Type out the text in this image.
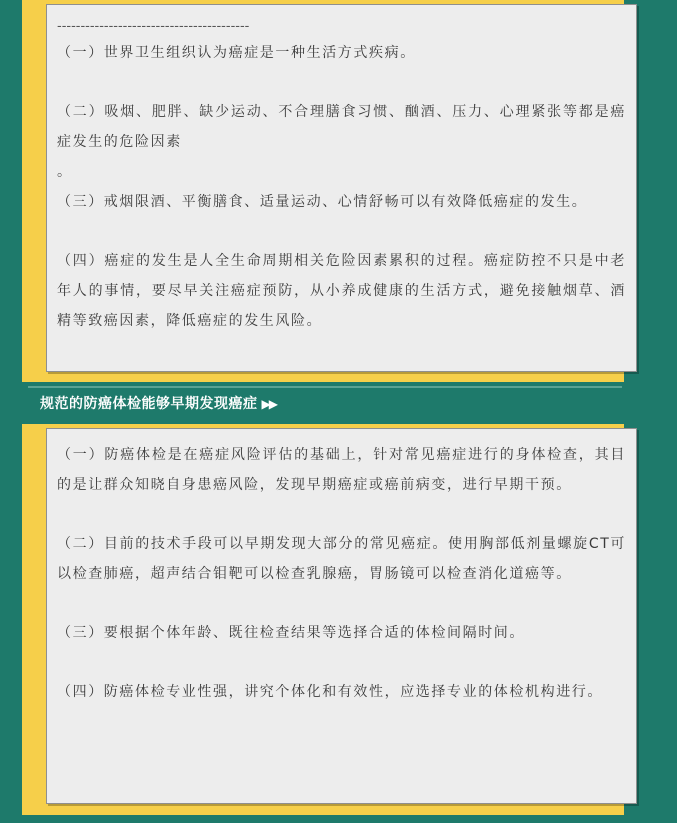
-----------------------------------------

（一）世界卫生组织认为癌症是一种生活方式疾病。

（二）吸烟、肥胖、缺少运动、不合理膳食习惯、酗酒、压力、心理紧张等都是癌症发生的危险因素

。

（三）戒烟限酒、平衡膳食、适量运动、心情舒畅可以有效降低癌症的发生。

（四）癌症的发生是人全生命周期相关危险因素累积的过程。癌症防控不只是中老年人的事情，要尽早关注癌症预防，从小养成健康的生活方式，避免接触烟草、酒精等致癌因素，降低癌症的发生风险。

规范的防癌体检能够早期发现癌症 ▶▶

（一）防癌体检是在癌症风险评估的基础上，针对常见癌症进行的身体检查，其目的是让群众知晓自身患癌风险，发现早期癌症或癌前病变，进行早期干预。

（二）目前的技术手段可以早期发现大部分的常见癌症。使用胸部低剂量螺旋CT可以检查肺癌，超声结合钼靶可以检查乳腺癌，胃肠镜可以检查消化道癌等。

（三）要根据个体年龄、既往检查结果等选择合适的体检间隔时间。

（四）防癌体检专业性强，讲究个体化和有效性，应选择专业的体检机构进行。
